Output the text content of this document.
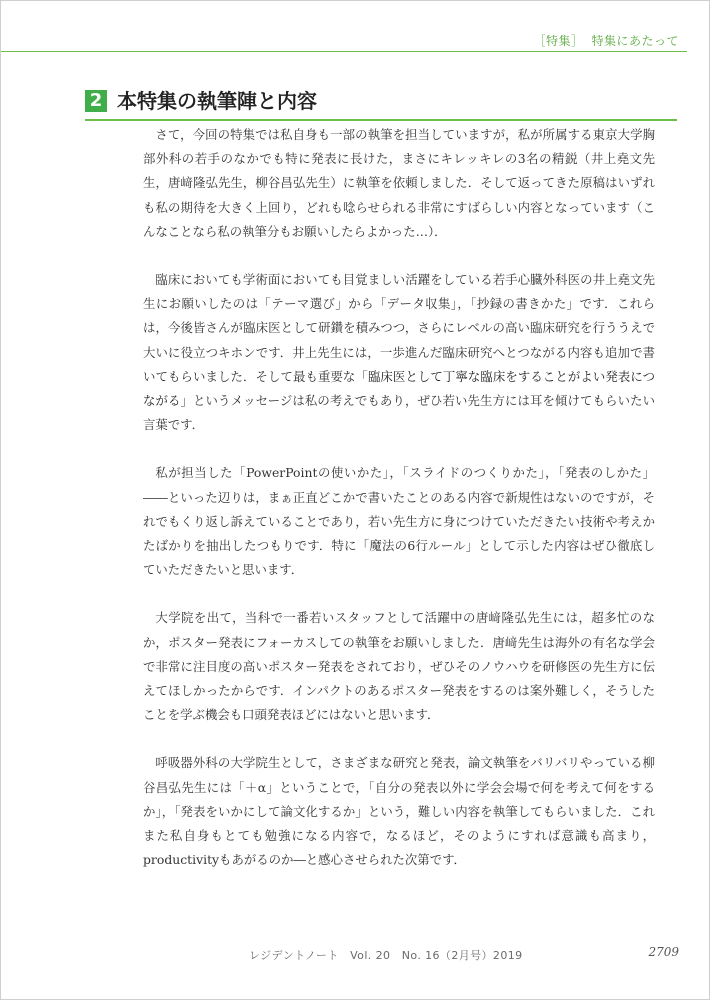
［特集］ 特集にあたって
2 本特集の執筆陣と内容

さて，今回の特集では私自身も一部の執筆を担当していますが，私が所属する東京大学胸部外科の若手のなかでも特に発表に長けた，まさにキレッキレの3名の精鋭（井上堯文先生，唐﨑隆弘先生，柳谷昌弘先生）に執筆を依頼しました．そして返ってきた原稿はいずれも私の期待を大きく上回り，どれも唸らせられる非常にすばらしい内容となっています（こんなことなら私の執筆分もお願いしたらよかった…）．

臨床においても学術面においても目覚ましい活躍をしている若手心臓外科医の井上堯文先生にお願いしたのは「テーマ選び」から「データ収集」，「抄録の書きかた」です．これらは，今後皆さんが臨床医として研鑽を積みつつ，さらにレベルの高い臨床研究を行ううえで大いに役立つキホンです．井上先生には，一歩進んだ臨床研究へとつながる内容も追加で書いてもらいました．そして最も重要な「臨床医として丁寧な臨床をすることがよい発表につながる」というメッセージは私の考えでもあり，ぜひ若い先生方には耳を傾けてもらいたい言葉です．

私が担当した「PowerPointの使いかた」，「スライドのつくりかた」，「発表のしかた」――といった辺りは，まぁ正直どこかで書いたことのある内容で新規性はないのですが，それでもくり返し訴えていることであり，若い先生方に身につけていただきたい技術や考えかたばかりを抽出したつもりです．特に「魔法の6行ルール」として示した内容はぜひ徹底していただきたいと思います．

大学院を出て，当科で一番若いスタッフとして活躍中の唐﨑隆弘先生には，超多忙のなか，ポスター発表にフォーカスしての執筆をお願いしました．唐﨑先生は海外の有名な学会で非常に注目度の高いポスター発表をされており，ぜひそのノウハウを研修医の先生方に伝えてほしかったからです．インパクトのあるポスター発表をするのは案外難しく，そうしたことを学ぶ機会も口頭発表ほどにはないと思います．

呼吸器外科の大学院生として，さまざまな研究と発表，論文執筆をバリバリやっている柳谷昌弘先生には「＋α」ということで，「自分の発表以外に学会会場で何を考えて何をするか」，「発表をいかにして論文化するか」という，難しい内容を執筆してもらいました．これまた私自身もとても勉強になる内容で，なるほど，そのようにすれば意識も高まり，productivityもあがるのか―と感心させられた次第です．

レジデントノート　Vol. 20　No. 16（2月号）2019	2709
